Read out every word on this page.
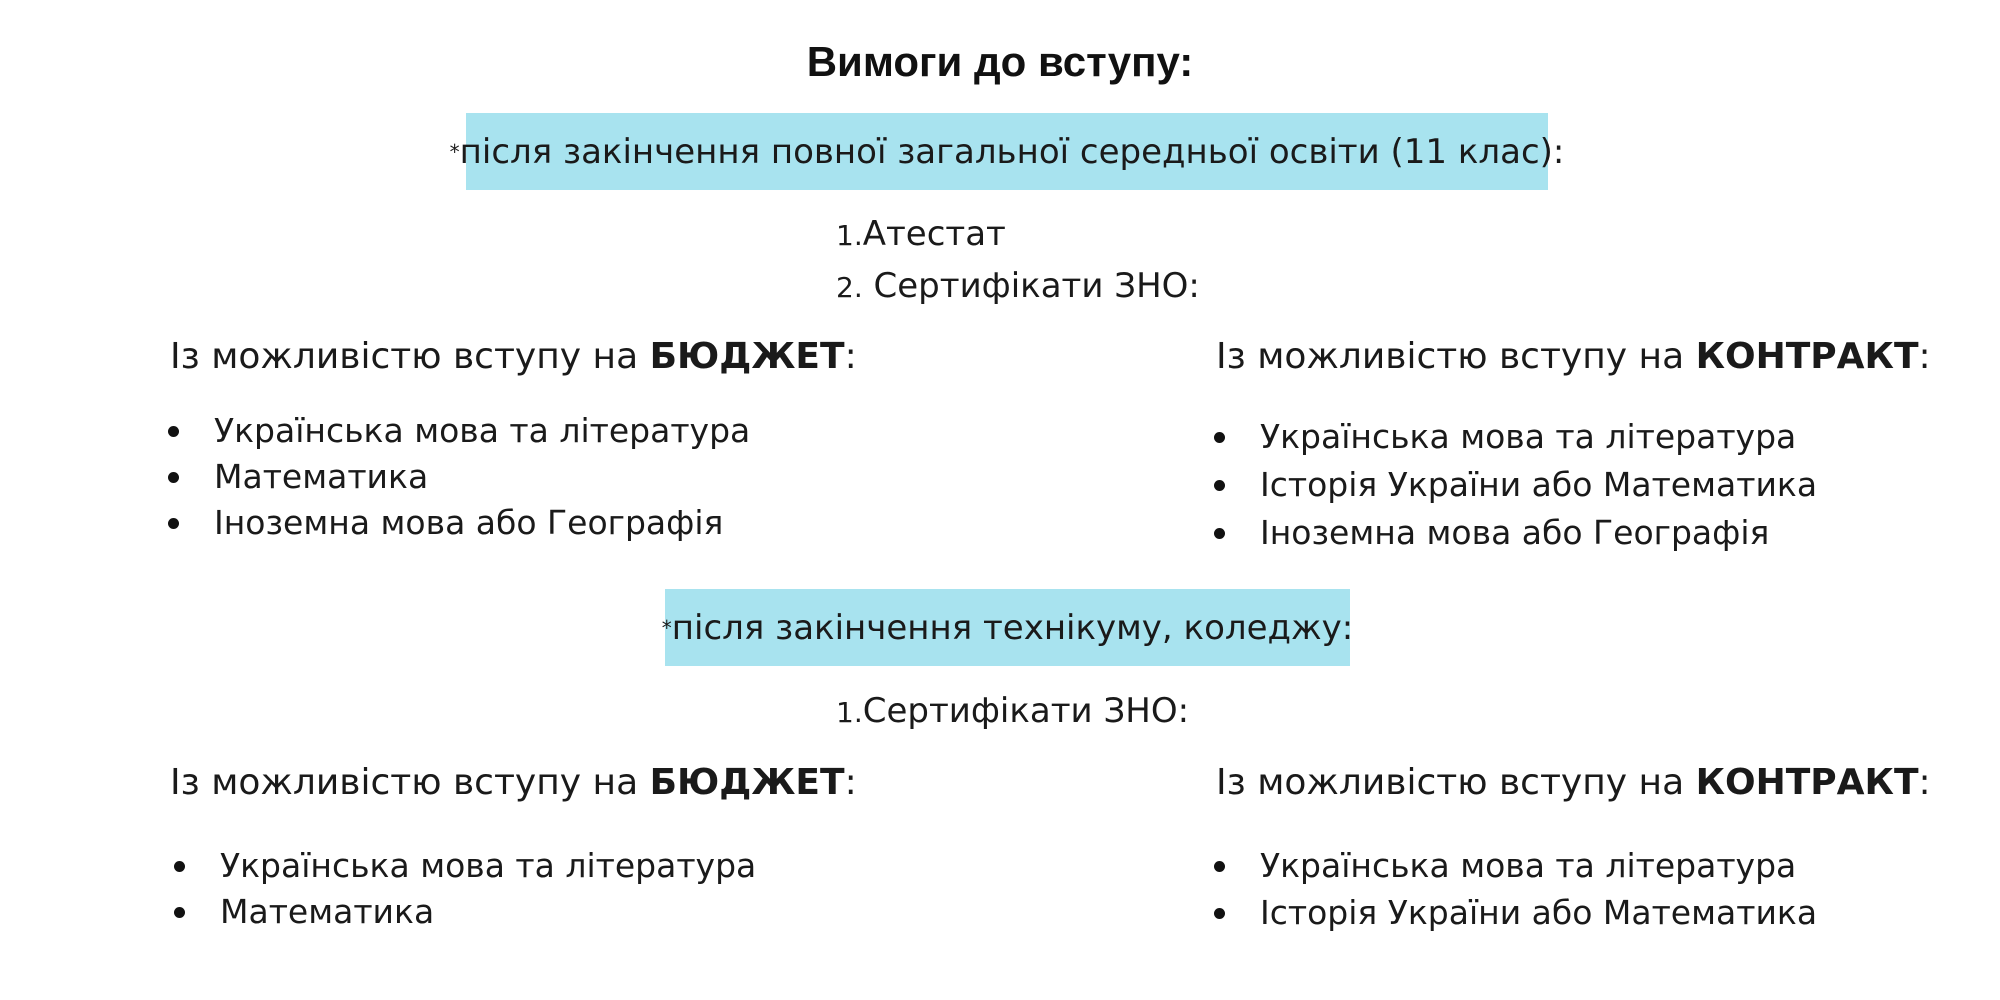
Вимоги до вступу:
* після закінчення повної загальної середньої освіти (11 клас):
1.Атестат
2. Сертифікати ЗНО:
Із можливістю вступу на БЮДЖЕТ:
Українська мова та література
Математика
Іноземна мова або Географія
Із можливістю вступу на КОНТРАКТ:
Українська мова та література
Історія України або Математика
Іноземна мова або Географія
* після закінчення технікуму, коледжу:
1.Сертифікати ЗНО:
Із можливістю вступу на БЮДЖЕТ:
Українська мова та література
Математика
Із можливістю вступу на КОНТРАКТ:
Українська мова та література
Історія України або Математика
